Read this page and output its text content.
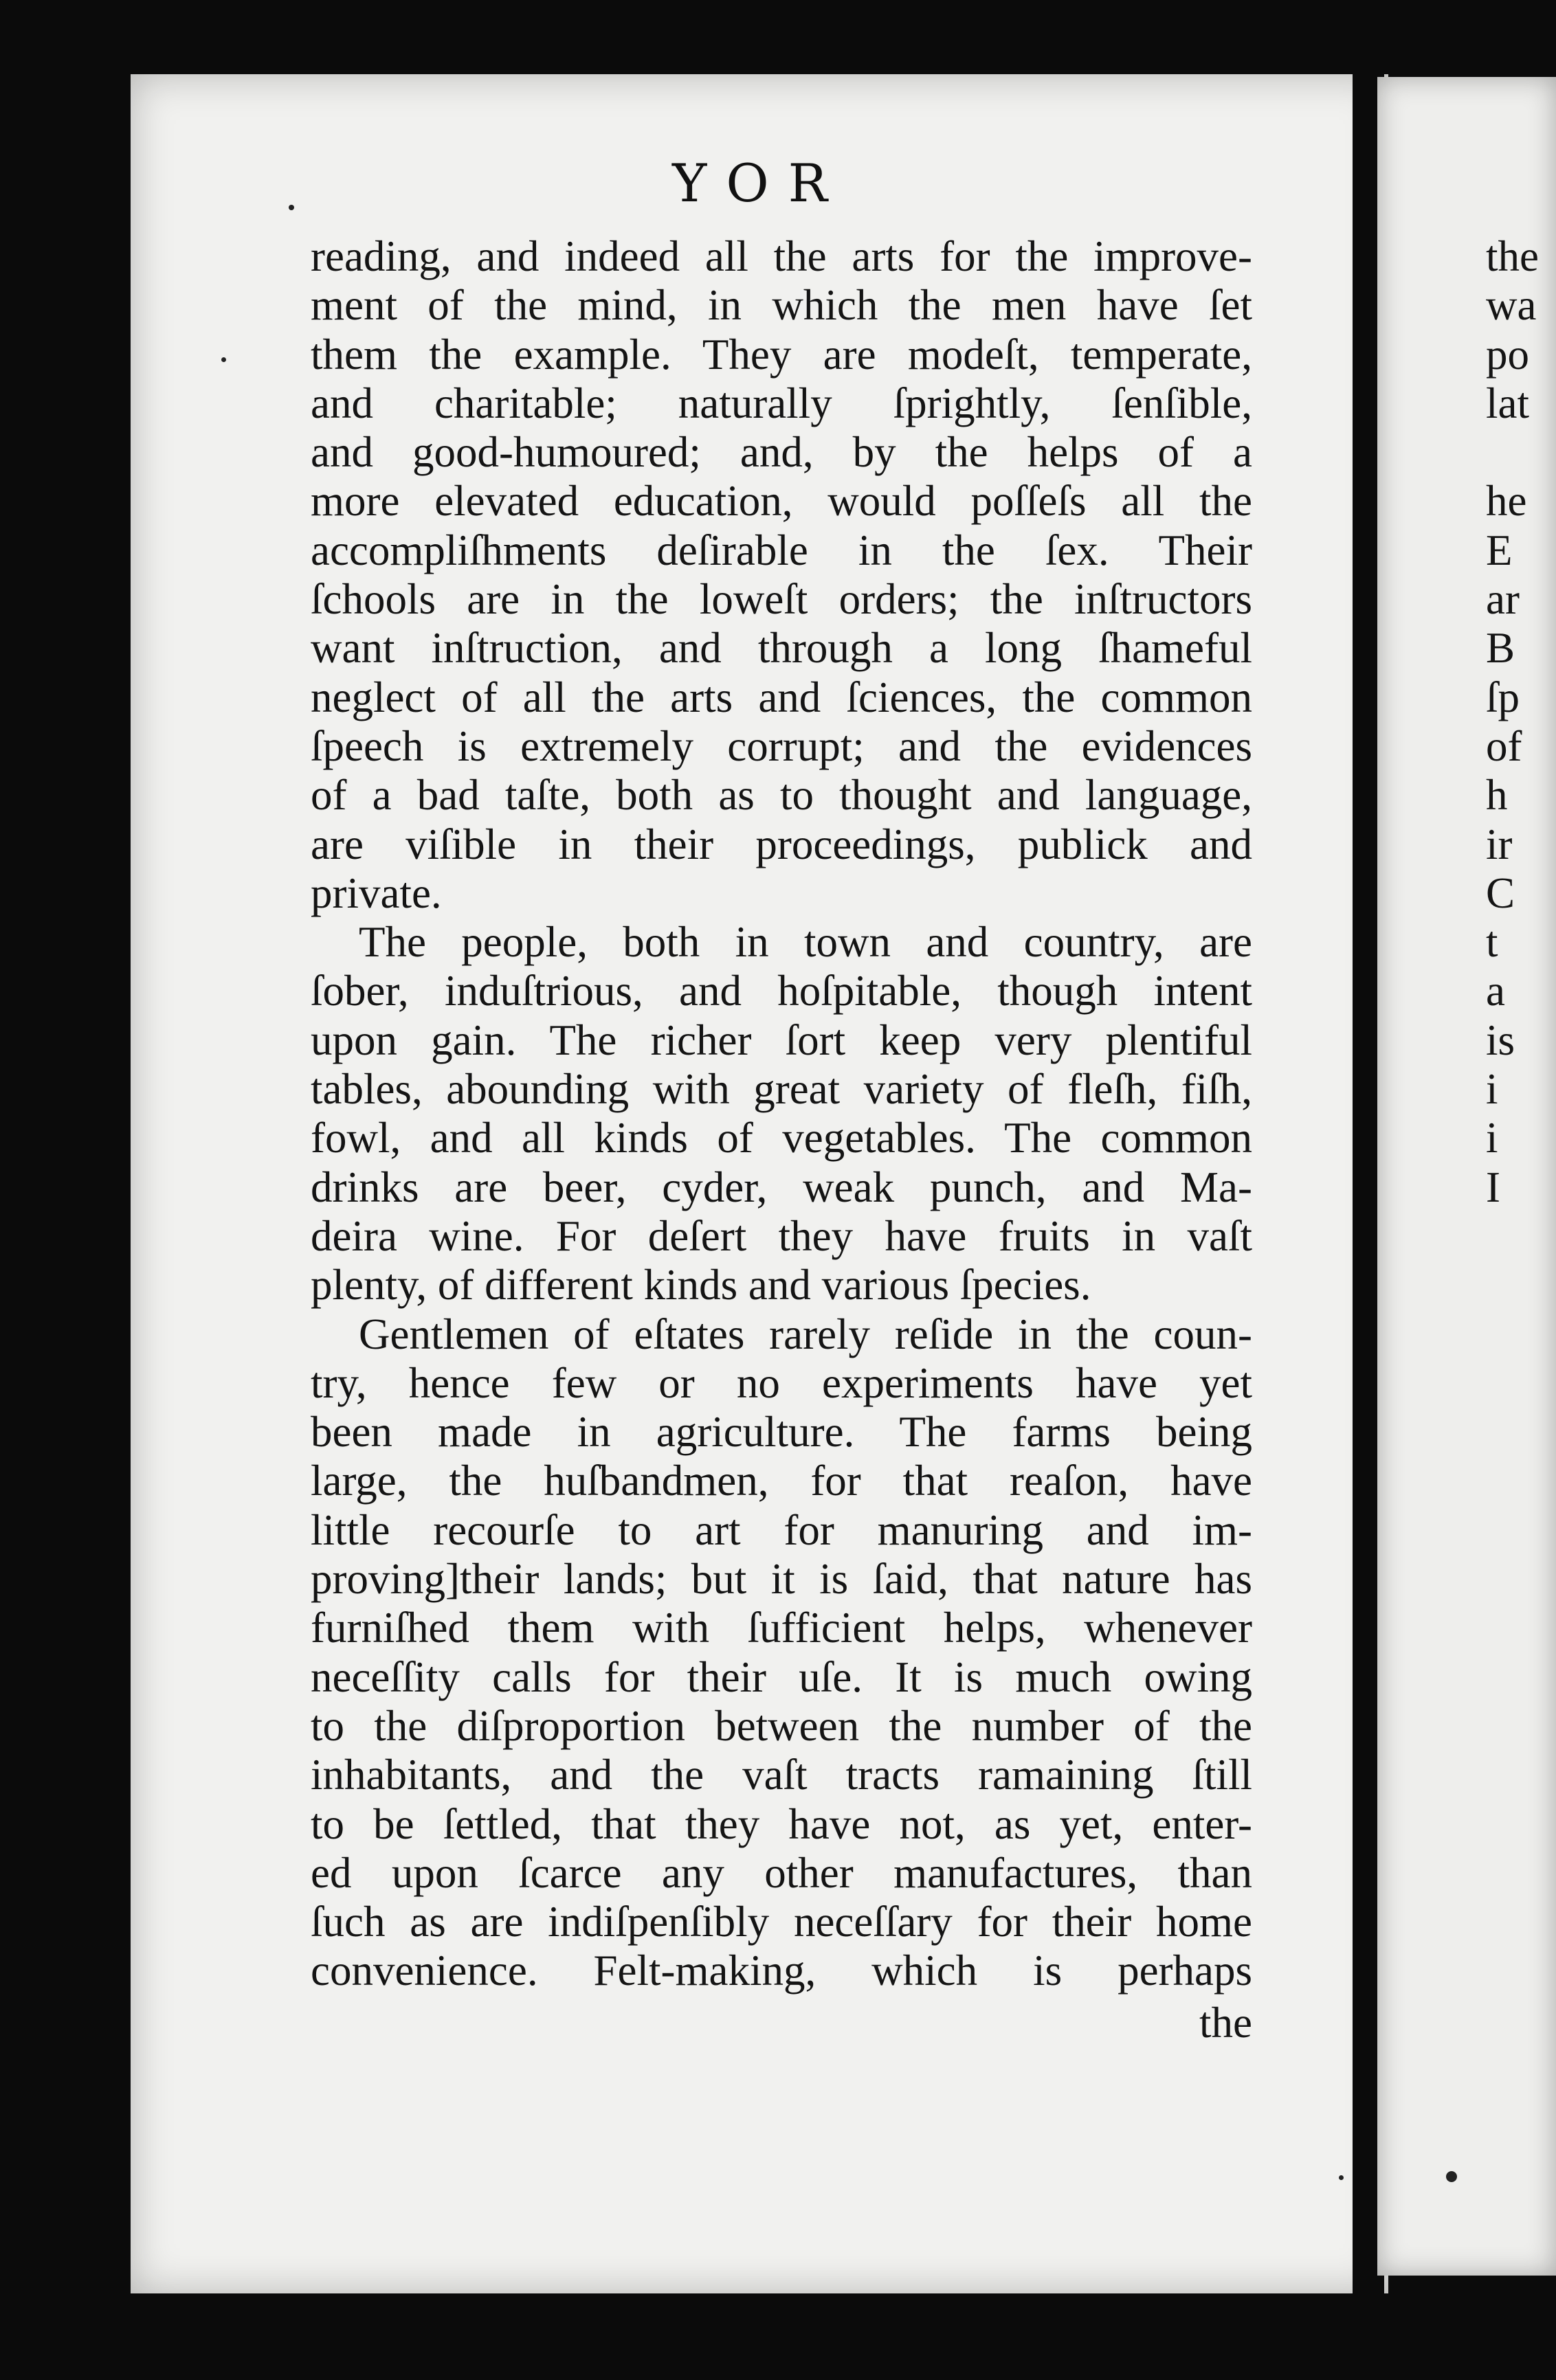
YOR
reading, and indeed all the arts for the improve-
ment of the mind, in which the men have ſet
them the example. They are modeſt, temperate,
and charitable; naturally ſprightly, ſenſible,
and good-humoured; and, by the helps of a
more elevated education, would poſſeſs all the
accompliſhments deſirable in the ſex. Their
ſchools are in the loweſt orders; the inſtructors
want inſtruction, and through a long ſhameful
neglect of all the arts and ſciences, the common
ſpeech is extremely corrupt; and the evidences
of a bad taſte, both as to thought and language,
are viſible in their proceedings, publick and
private.
The people, both in town and country, are
ſober, induſtrious, and hoſpitable, though intent
upon gain. The richer ſort keep very plentiful
tables, abounding with great variety of fleſh, fiſh,
fowl, and all kinds of vegetables. The common
drinks are beer, cyder, weak punch, and Ma-
deira wine. For deſert they have fruits in vaſt
plenty, of different kinds and various ſpecies.
Gentlemen of eſtates rarely reſide in the coun-
try, hence few or no experiments have yet
been made in agriculture. The farms being
large, the huſbandmen, for that reaſon, have
little recourſe to art for manuring and im-
proving]their lands; but it is ſaid, that nature has
furniſhed them with ſufficient helps, whenever
neceſſity calls for their uſe. It is much owing
to the diſproportion between the number of the
inhabitants, and the vaſt tracts ramaining ſtill
to be ſettled, that they have not, as yet, enter-
ed upon ſcarce any other manufactures, than
ſuch as are indiſpenſibly neceſſary for their home
convenience. Felt-making, which is perhaps
the
the
wa
po
lat
he
E
ar
B
ſp
of
h
ir
C
t
a
is
i
i
I
